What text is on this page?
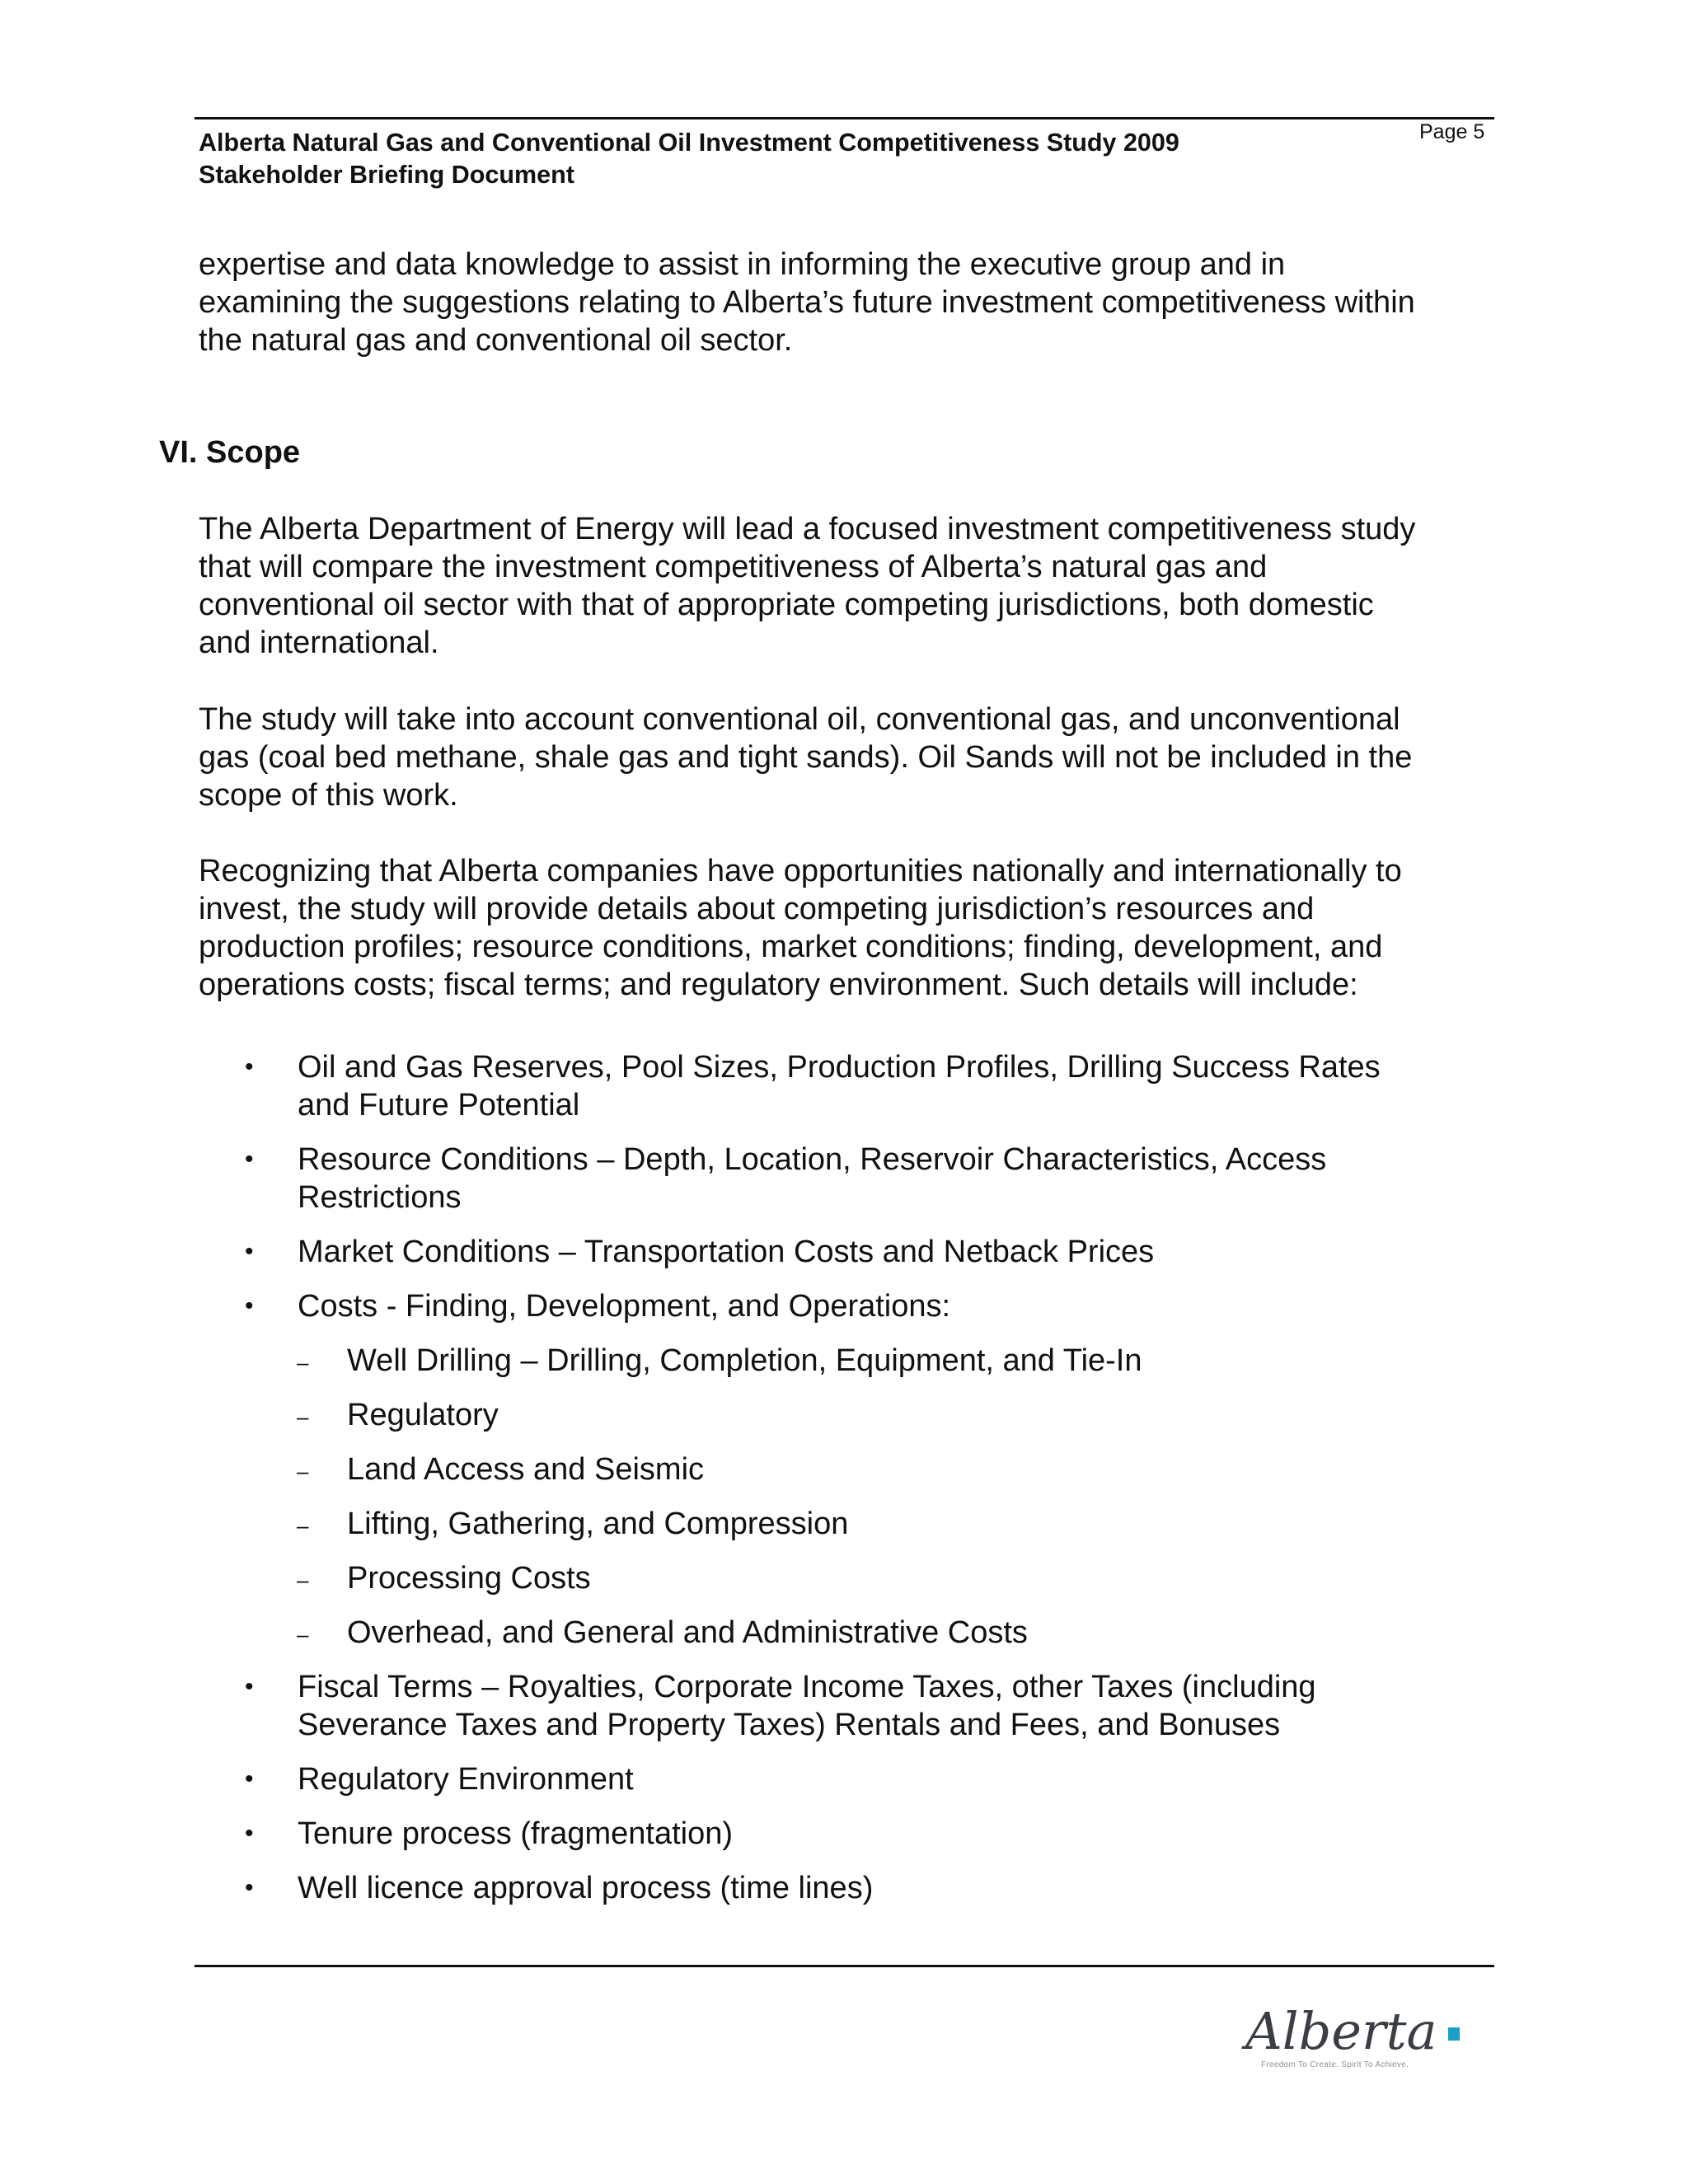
Alberta Natural Gas and Conventional Oil Investment Competitiveness Study 2009
Stakeholder Briefing Document
Page 5
expertise and data knowledge to assist in informing the executive group and in
examining the suggestions relating to Alberta’s future investment competitiveness within
the natural gas and conventional oil sector.
VI. Scope
The Alberta Department of Energy will lead a focused investment competitiveness study
that will compare the investment competitiveness of Alberta’s natural gas and
conventional oil sector with that of appropriate competing jurisdictions, both domestic
and international.
The study will take into account conventional oil, conventional gas, and unconventional
gas (coal bed methane, shale gas and tight sands). Oil Sands will not be included in the
scope of this work.
Recognizing that Alberta companies have opportunities nationally and internationally to
invest, the study will provide details about competing jurisdiction’s resources and
production profiles; resource conditions, market conditions; finding, development, and
operations costs; fiscal terms; and regulatory environment. Such details will include:
• Oil and Gas Reserves, Pool Sizes, Production Profiles, Drilling Success Rates
and Future Potential
• Resource Conditions – Depth, Location, Reservoir Characteristics, Access
Restrictions
• Market Conditions – Transportation Costs and Netback Prices
• Costs - Finding, Development, and Operations:
– Well Drilling – Drilling, Completion, Equipment, and Tie-In
– Regulatory
– Land Access and Seismic
– Lifting, Gathering, and Compression
– Processing Costs
– Overhead, and General and Administrative Costs
• Fiscal Terms – Royalties, Corporate Income Taxes, other Taxes (including
Severance Taxes and Property Taxes) Rentals and Fees, and Bonuses
• Regulatory Environment
• Tenure process (fragmentation)
• Well licence approval process (time lines)
Alberta
Freedom To Create. Spirit To Achieve.
